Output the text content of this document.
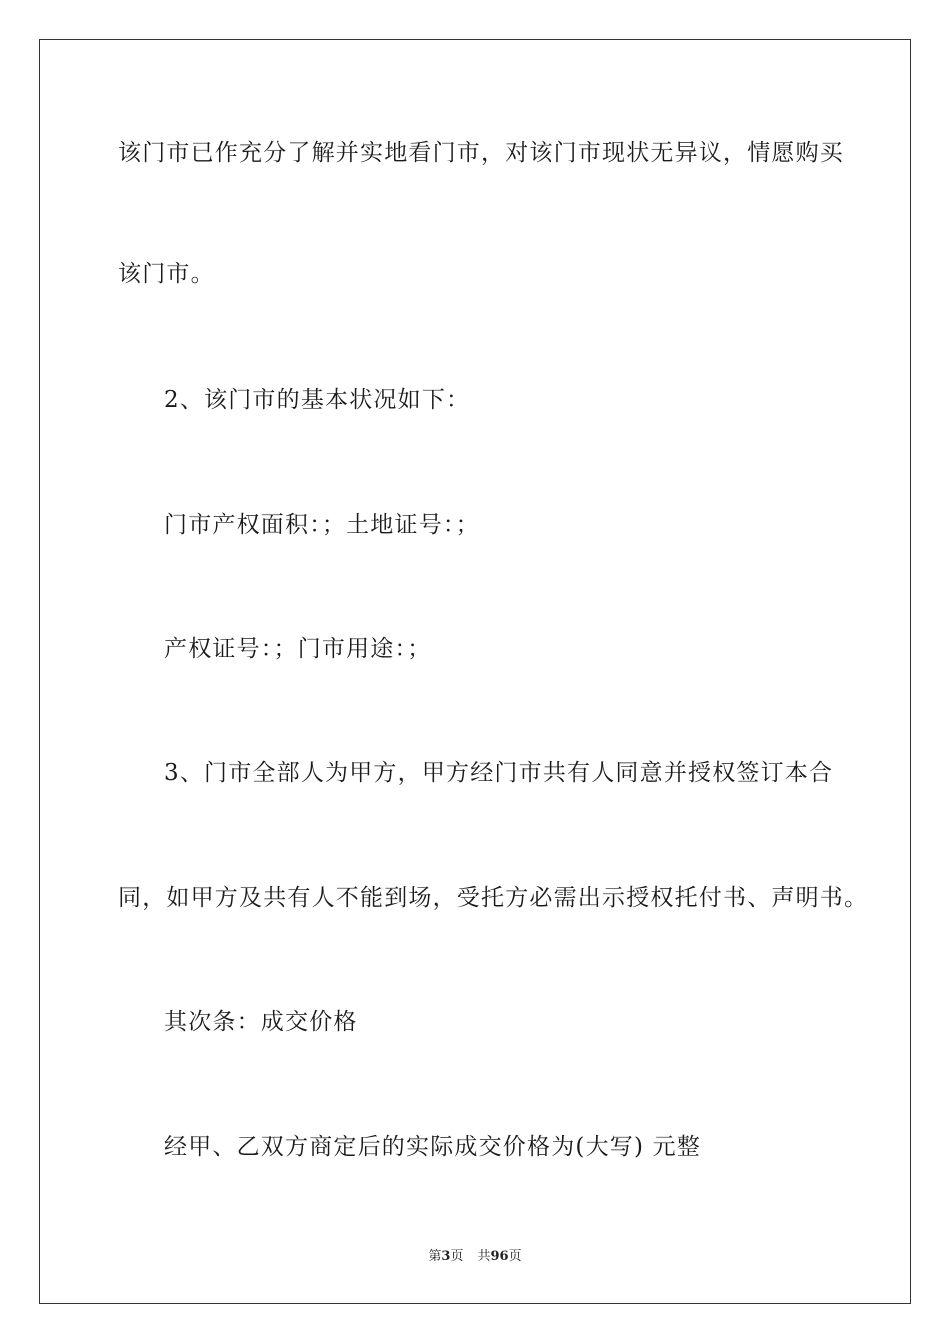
该门市已作充分了解并实地看门市，对该门市现状无异议，情愿购买
该门市。
2、该门市的基本状况如下：
门市产权面积：；土地证号：；
产权证号：；门市用途：；
3、门市全部人为甲方，甲方经门市共有人同意并授权签订本合
同，如甲方及共有人不能到场，受托方必需出示授权托付书、声明书。
其次条：成交价格
经甲、乙双方商定后的实际成交价格为(大写) 元整
第3页 共96页
